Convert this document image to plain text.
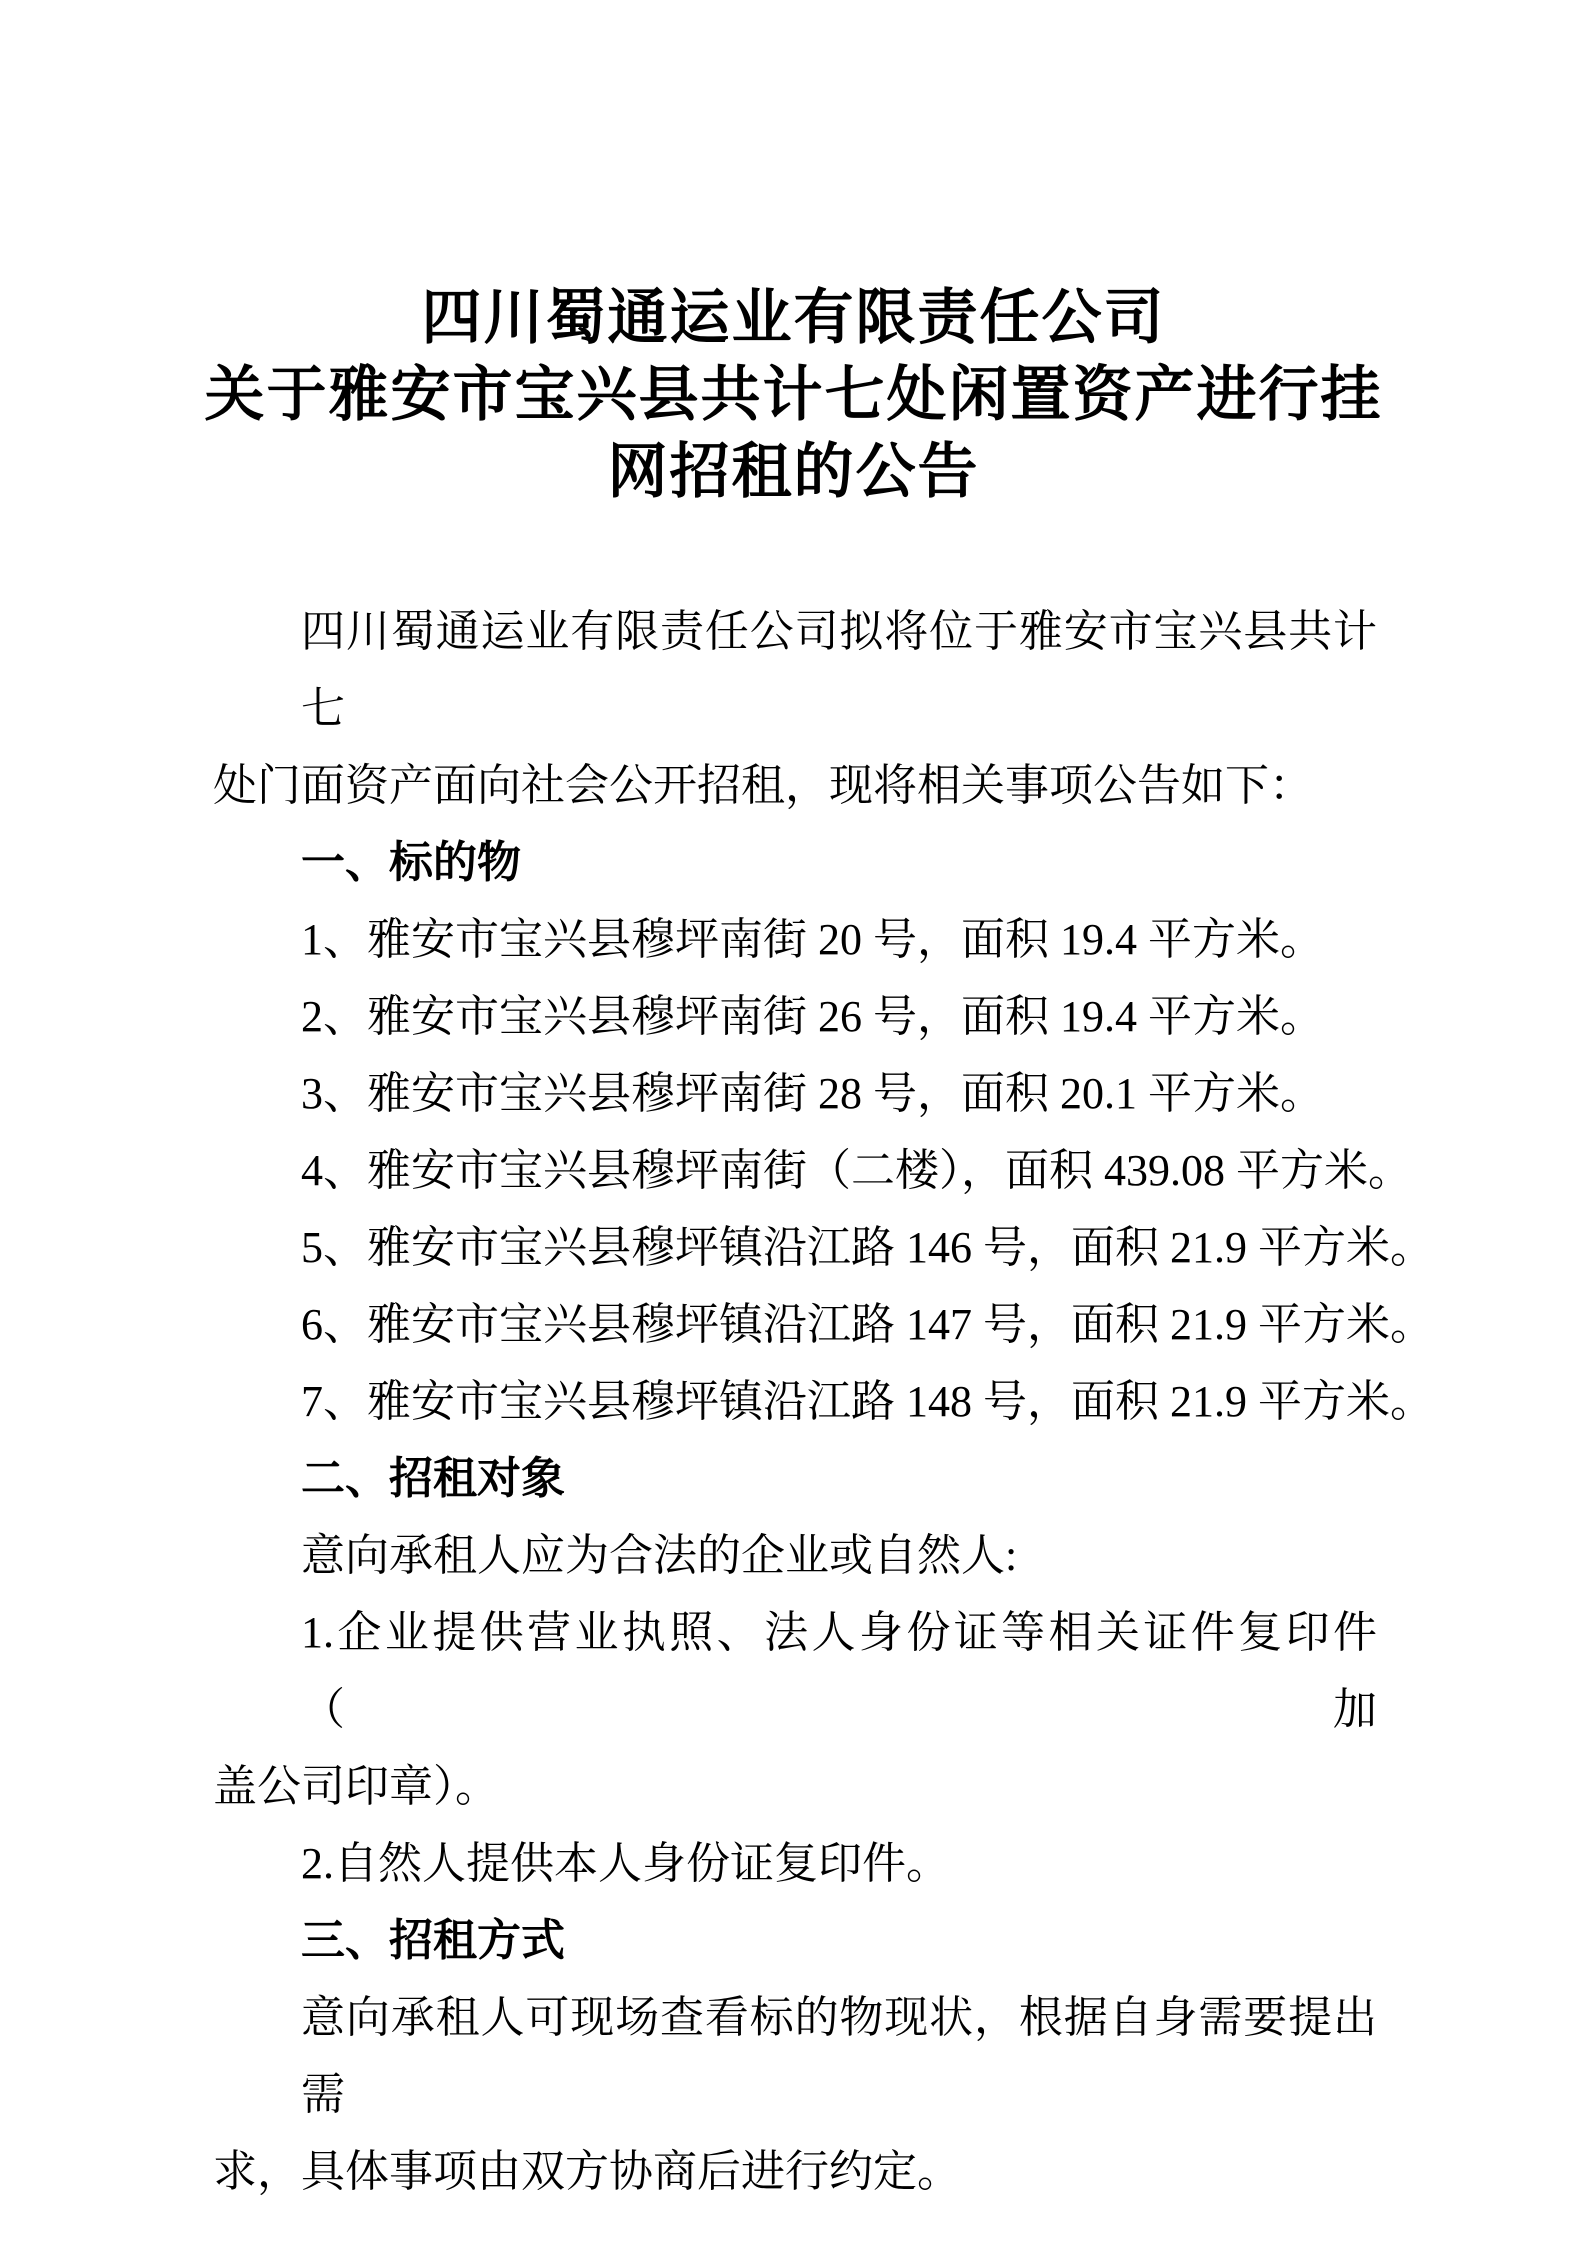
四川蜀通运业有限责任公司
关于雅安市宝兴县共计七处闲置资产进行挂
网招租的公告
四川蜀通运业有限责任公司拟将位于雅安市宝兴县共计七
处门面资产面向社会公开招租，现将相关事项公告如下：
一、标的物
1、雅安市宝兴县穆坪南街 20 号，面积 19.4 平方米。
2、雅安市宝兴县穆坪南街 26 号，面积 19.4 平方米。
3、雅安市宝兴县穆坪南街 28 号，面积 20.1 平方米。
4、雅安市宝兴县穆坪南街（二楼），面积 439.08 平方米。
5、雅安市宝兴县穆坪镇沿江路 146 号，面积 21.9 平方米。
6、雅安市宝兴县穆坪镇沿江路 147 号，面积 21.9 平方米。
7、雅安市宝兴县穆坪镇沿江路 148 号，面积 21.9 平方米。
二、招租对象
意向承租人应为合法的企业或自然人:
1.企业提供营业执照、法人身份证等相关证件复印件（加
盖公司印章）。
2.自然人提供本人身份证复印件。
三、招租方式
意向承租人可现场查看标的物现状，根据自身需要提出需
求，具体事项由双方协商后进行约定。
